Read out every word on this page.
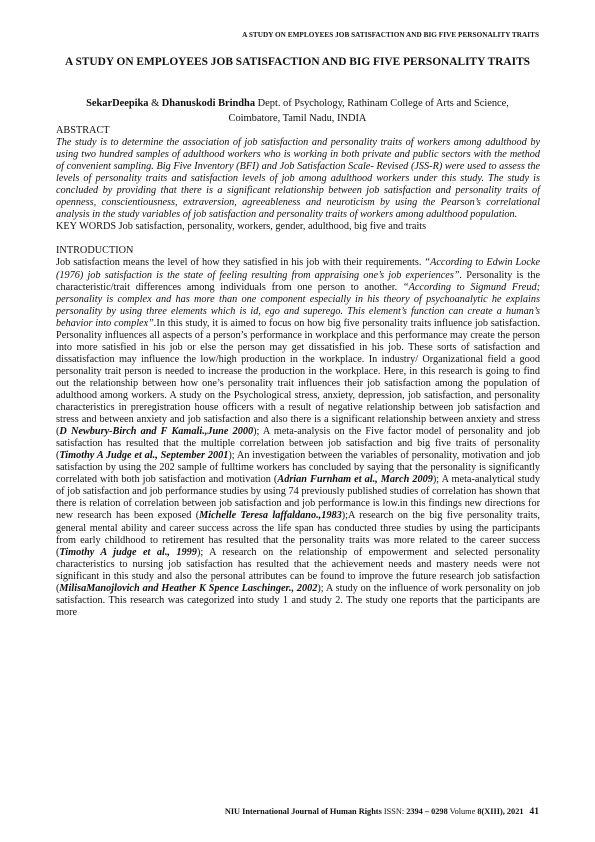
A STUDY ON EMPLOYEES JOB SATISFACTION AND BIG FIVE PERSONALITY TRAITS
A STUDY ON EMPLOYEES JOB SATISFACTION AND BIG FIVE PERSONALITY TRAITS
SekarDeepika & Dhanuskodi Brindha Dept. of Psychology, Rathinam College of Arts and Science, Coimbatore, Tamil Nadu, INDIA

ABSTRACT

The study is to determine the association of job satisfaction and personality traits of workers among adulthood by using two hundred samples of adulthood workers who is working in both private and public sectors with the method of convenient sampling. Big Five Inventory (BFI) and Job Satisfaction Scale- Revised (JSS-R) were used to assess the levels of personality traits and satisfaction levels of job among adulthood workers under this study. The study is concluded by providing that there is a significant relationship between job satisfaction and personality traits of openness, conscientiousness, extraversion, agreeableness and neuroticism by using the Pearson’s correlational analysis in the study variables of job satisfaction and personality traits of workers among adulthood population.

KEY WORDS Job satisfaction, personality, workers, gender, adulthood, big five and traits

INTRODUCTION

Job satisfaction means the level of how they satisfied in his job with their requirements. “According to Edwin Locke (1976) job satisfaction is the state of feeling resulting from appraising one’s job experiences”. Personality is the characteristic/trait differences among individuals from one person to another. “According to Sigmund Freud; personality is complex and has more than one component especially in his theory of psychoanalytic he explains personality by using three elements which is id, ego and superego. This element’s function can create a human’s behavior into complex”.In this study, it is aimed to focus on how big five personality traits influence job satisfaction. Personality influences all aspects of a person’s performance in workplace and this performance may create the person into more satisfied in his job or else the person may get dissatisfied in his job. These sorts of satisfaction and dissatisfaction may influence the low/high production in the workplace. In industry/ Organizational field a good personality trait person is needed to increase the production in the workplace. Here, in this research is going to find out the relationship between how one’s personality trait influences their job satisfaction among the population of adulthood among workers. A study on the Psychological stress, anxiety, depression, job satisfaction, and personality characteristics in preregistration house officers with a result of negative relationship between job satisfaction and stress and between anxiety and job satisfaction and also there is a significant relationship between anxiety and stress (D Newbury-Birch and F Kamali.,June 2000); A meta-analysis on the Five factor model of personality and job satisfaction has resulted that the multiple correlation between job satisfaction and big five traits of personality (Timothy A Judge et al., September 2001); An investigation between the variables of personality, motivation and job satisfaction by using the 202 sample of fulltime workers has concluded by saying that the personality is significantly correlated with both job satisfaction and motivation (Adrian Furnham et al., March 2009); A meta-analytical study of job satisfaction and job performance studies by using 74 previously published studies of correlation has shown that there is relation of correlation between job satisfaction and job performance is low.in this findings new directions for new research has been exposed (Michelle Teresa laffaldano.,1983);A research on the big five personality traits, general mental ability and career success across the life span has conducted three studies by using the participants from early childhood to retirement has resulted that the personality traits was more related to the career success (Timothy A judge et al., 1999); A research on the relationship of empowerment and selected personality characteristics to nursing job satisfaction has resulted that the achievement needs and mastery needs were not significant in this study and also the personal attributes can be found to improve the future research job satisfaction (MilisaManojlovich and Heather K Spence Laschinger., 2002); A study on the influence of work personality on job satisfaction. This research was categorized into study 1 and study 2. The study one reports that the participants are more

NIU International Journal of Human Rights ISSN: 2394 – 0298 Volume 8(XIII), 2021 41
